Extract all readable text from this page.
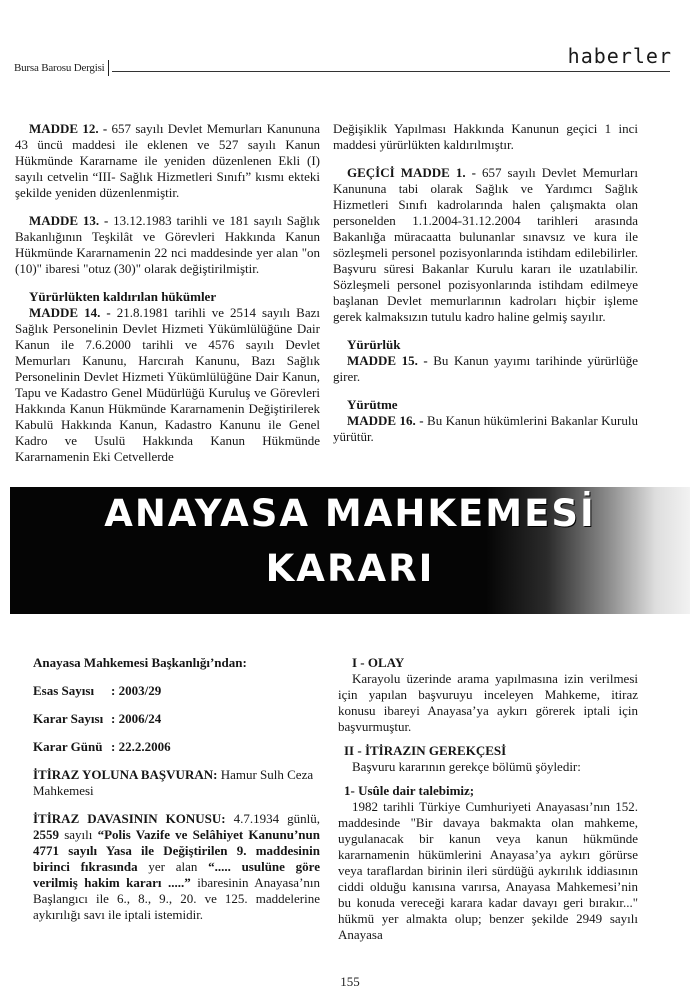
Bursa Barosu Dergisi	haberler

MADDE 12. - 657 sayılı Devlet Memurları Kanununa 43 üncü maddesi ile eklenen ve 527 sayılı Kanun Hükmünde Kararname ile yeniden düzenlenen Ekli (I) sayılı cetvelin “III- Sağlık Hizmetleri Sınıfı” kısmı ekteki şekilde yeniden düzenlenmiştir.

MADDE 13. - 13.12.1983 tarihli ve 181 sayılı Sağlık Bakanlığının Teşkilât ve Görevleri Hakkında Kanun Hükmünde Kararnamenin 22 nci maddesinde yer alan "on (10)" ibaresi "otuz (30)" olarak değiştirilmiştir.

Yürürlükten kaldırılan hükümler

MADDE 14. - 21.8.1981 tarihli ve 2514 sayılı Bazı Sağlık Personelinin Devlet Hizmeti Yükümlülüğüne Dair Kanun ile 7.6.2000 tarihli ve 4576 sayılı Devlet Memurları Kanunu, Harcırah Kanunu, Bazı Sağlık Personelinin Devlet Hizmeti Yükümlülüğüne Dair Kanun, Tapu ve Kadastro Genel Müdürlüğü Kuruluş ve Görevleri Hakkında Kanun Hükmünde Kararnamenin Değiştirilerek Kabulü Hakkında Kanun, Kadastro Kanunu ile Genel Kadro ve Usulü Hakkında Kanun Hükmünde Kararnamenin Eki Cetvellerde

Değişiklik Yapılması Hakkında Kanunun geçici 1 inci maddesi yürürlükten kaldırılmıştır.

GEÇİCİ MADDE 1. - 657 sayılı Devlet Memurları Kanununa tabi olarak Sağlık ve Yardımcı Sağlık Hizmetleri Sınıfı kadrolarında halen çalışmakta olan personelden 1.1.2004-31.12.2004 tarihleri arasında Bakanlığa müracaatta bulunanlar sınavsız ve kura ile sözleşmeli personel pozisyonlarında istihdam edilebilirler. Başvuru süresi Bakanlar Kurulu kararı ile uzatılabilir. Sözleşmeli personel pozisyonlarında istihdam edilmeye başlanan Devlet memurlarının kadroları hiçbir işleme gerek kalmaksızın tutulu kadro haline gelmiş sayılır.

Yürürlük

MADDE 15. - Bu Kanun yayımı tarihinde yürürlüğe girer.

Yürütme

MADDE 16. - Bu Kanun hükümlerini Bakanlar Kurulu yürütür.

ANAYASA MAHKEMESİ
KARARI

Anayasa Mahkemesi Başkanlığı’ndan:

Esas Sayısı : 2003/29

Karar Sayısı : 2006/24

Karar Günü : 22.2.2006

İTİRAZ YOLUNA BAŞVURAN: Hamur Sulh Ceza Mahkemesi

İTİRAZ DAVASININ KONUSU: 4.7.1934 günlü, 2559 sayılı “Polis Vazife ve Selâhiyet Kanunu’nun 4771 sayılı Yasa ile Değiştirilen 9. maddesinin birinci fıkrasında yer alan “..... usulüne göre verilmiş hakim kararı .....” ibaresinin Anayasa’nın Başlangıcı ile 6., 8., 9., 20. ve 125. maddelerine aykırılığı savı ile iptali istemidir.

I - OLAY

Karayolu üzerinde arama yapılmasına izin verilmesi için yapılan başvuruyu inceleyen Mahkeme, itiraz konusu ibareyi Anayasa’ya aykırı görerek iptali için başvurmuştur.

II - İTİRAZIN GEREKÇESİ

Başvuru kararının gerekçe bölümü şöyledir:

1- Usûle dair talebimiz;

1982 tarihli Türkiye Cumhuriyeti Anayasası’nın 152. maddesinde "Bir davaya bakmakta olan mahkeme, uygulanacak bir kanun veya kanun hükmünde kararnamenin hükümlerini Anayasa’ya aykırı görürse veya taraflardan birinin ileri sürdüğü aykırılık iddiasının ciddi olduğu kanısına varırsa, Anayasa Mahkemesi’nin bu konuda vereceği karara kadar davayı geri bırakır..." hükmü yer almakta olup; benzer şekilde 2949 sayılı Anayasa

155
